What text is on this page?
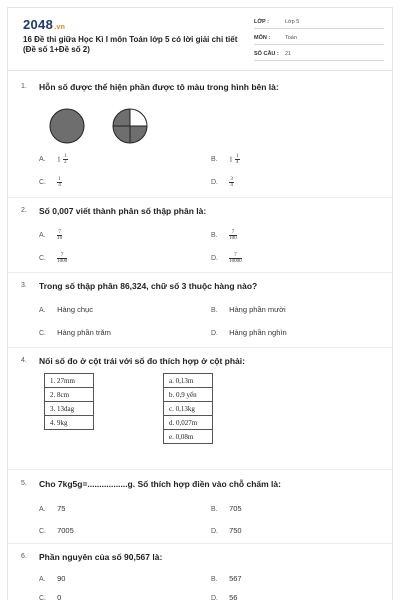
2048.vn
16 Đề thi giữa Học Kì I môn Toán lớp 5 có lời giải chi tiết (Đề số 1+Đề số 2)
LỚP :	Lớp 5
MÔN :	Toán
SỐ CÂU : 21
1. Hỗn số được thể hiện phần được tô màu trong hình bên là:
A. $1 \frac{1}{2}$	B. $1 \frac{1}{4}$
C. $\frac{1}{4}$	D. $\frac{3}{4}$
2. Số 0,007 viết thành phân số thập phân là:
A. $\frac{7}{10}$	B. $\frac{7}{100}$
C. $\frac{7}{1000}$	D. $\frac{7}{10000}$
3. Trong số thập phân 86,324, chữ số 3 thuộc hàng nào?
A. Hàng chục	B. Hàng phần mười
C. Hàng phần trăm	D. Hàng phần nghìn
4. Nối số đo ở cột trái với số đo thích hợp ở cột phải:
1. 27mm
2. 8cm
3. 13dag
4. 9kg
a. 0,13m
b. 0,9 yến
c. 0,13kg
d. 0,027m
e. 0,08m
5. Cho 7kg5g=.................g. Số thích hợp điền vào chỗ chấm là:
A. 75	B. 705
C. 7005	D. 750
6. Phần nguyên của số 90,567 là:
A. 90	B. 567
C. 0	D. 56
